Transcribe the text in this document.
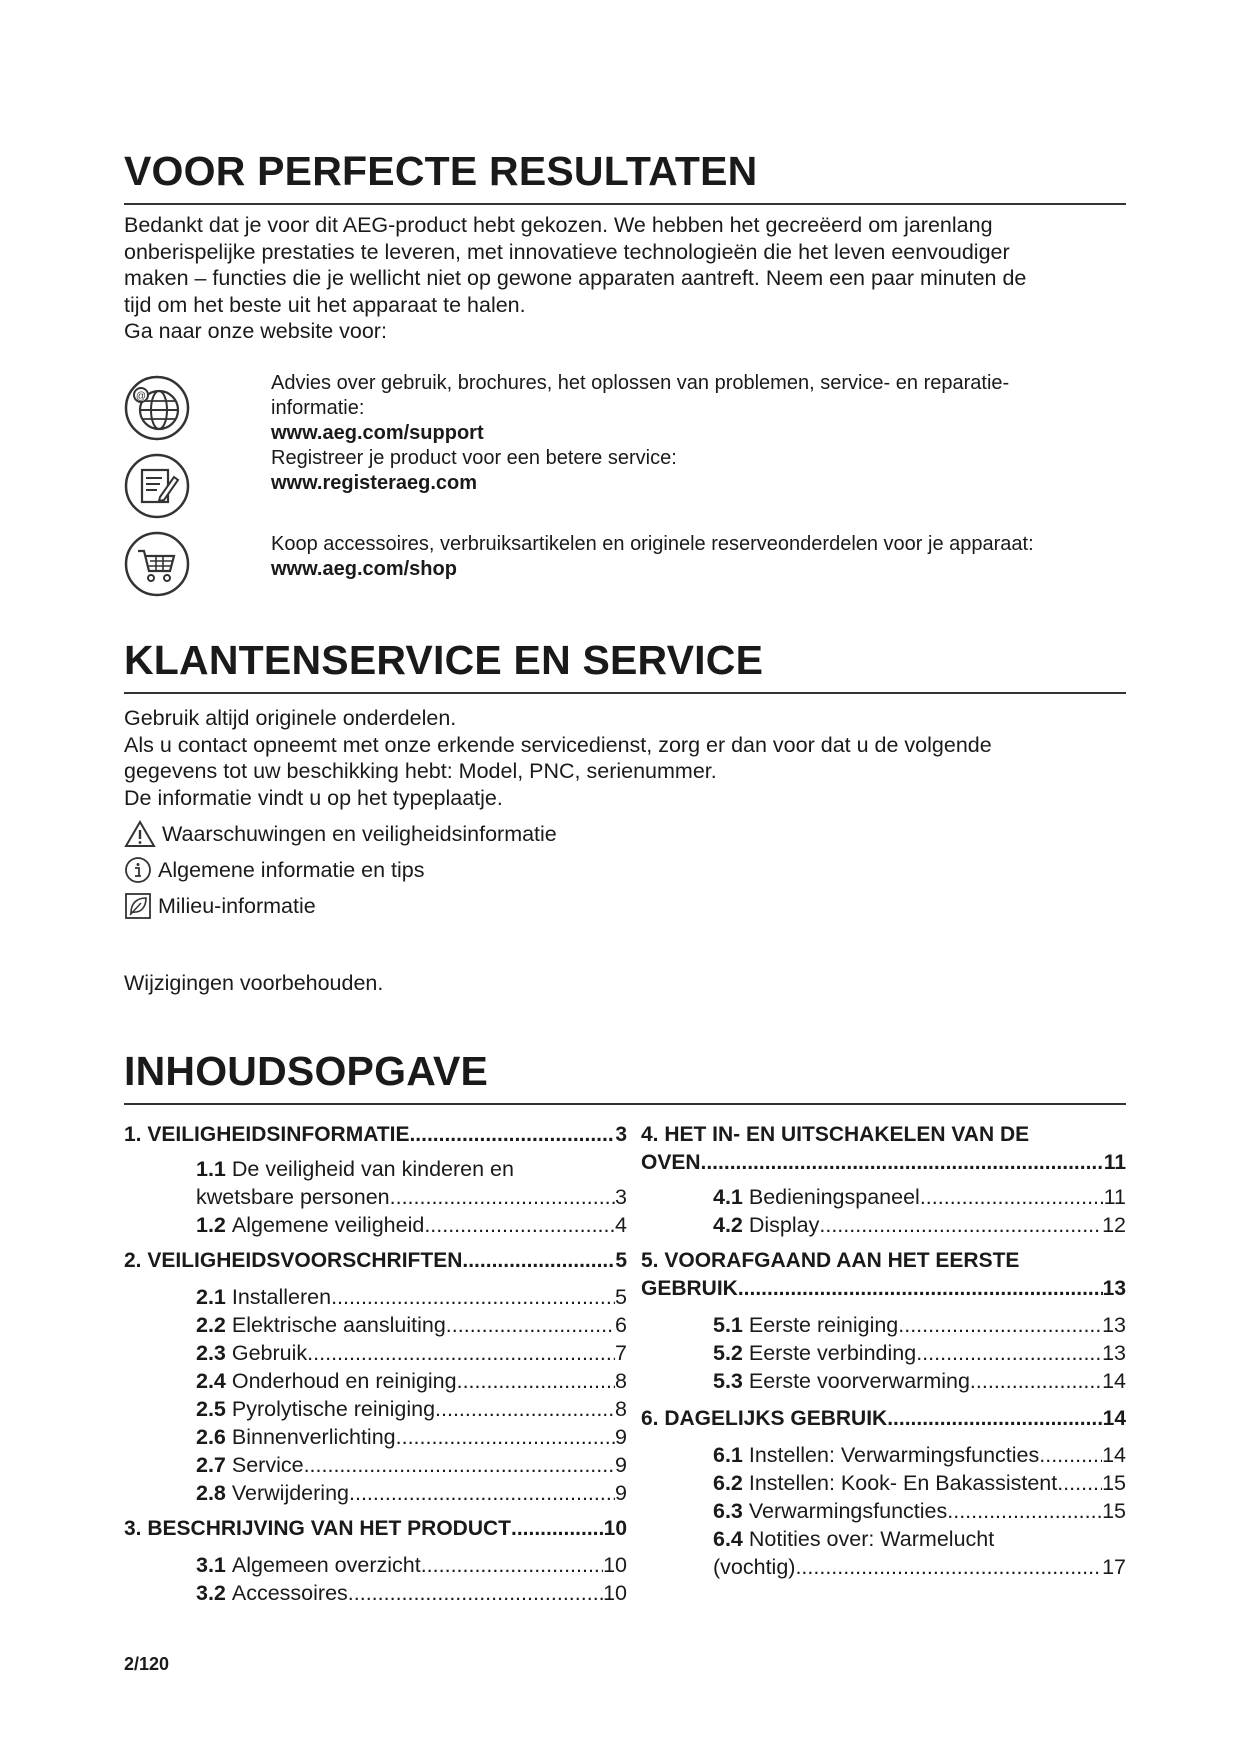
VOOR PERFECTE RESULTATEN

Bedankt dat je voor dit AEG-product hebt gekozen. We hebben het gecreëerd om jarenlang

onberispelijke prestaties te leveren, met innovatieve technologieën die het leven eenvoudiger

maken – functies die je wellicht niet op gewone apparaten aantreft. Neem een paar minuten de

tijd om het beste uit het apparaat te halen.

Ga naar onze website voor:

@
Advies over gebruik, brochures, het oplossen van problemen, service- en reparatie-
informatie:
www.aeg.com/support
Registreer je product voor een betere service:
www.registeraeg.com
Koop accessoires, verbruiksartikelen en originele reserveonderdelen voor je apparaat:
www.aeg.com/shop
KLANTENSERVICE EN SERVICE

Gebruik altijd originele onderdelen.

Als u contact opneemt met onze erkende servicedienst, zorg er dan voor dat u de volgende

gegevens tot uw beschikking hebt: Model, PNC, serienummer.

De informatie vindt u op het typeplaatje.

Waarschuwingen en veiligheidsinformatie
Algemene informatie en tips
Milieu-informatie

Wijzigingen voorbehouden.

INHOUDSOPGAVE
1. VEILIGHEIDSINFORMATIE .....	3
1.1 De veiligheid van kinderen en
kwetsbare personen .....	3
1.2 Algemene veiligheid .....	4
2. VEILIGHEIDSVOORSCHRIFTEN .....	5
2.1 Installeren .....	5
2.2 Elektrische aansluiting .....	6
2.3 Gebruik .....	7
2.4 Onderhoud en reiniging .....	8
2.5 Pyrolytische reiniging .....	8
2.6 Binnenverlichting .....	9
2.7 Service .....	9
2.8 Verwijdering .....	9
3. BESCHRIJVING VAN HET PRODUCT .....	10
3.1 Algemeen overzicht .....	10
3.2 Accessoires .....	10
4. HET IN- EN UITSCHAKELEN VAN DE
OVEN .....	11
4.1 Bedieningspaneel .....	11
4.2 Display .....	12
5. VOORAFGAAND AAN HET EERSTE
GEBRUIK .....	13
5.1 Eerste reiniging .....	13
5.2 Eerste verbinding .....	13
5.3 Eerste voorverwarming .....	14
6. DAGELIJKS GEBRUIK .....	14
6.1 Instellen: Verwarmingsfuncties .....	14
6.2 Instellen: Kook- En Bakassistent ..... 15
6.3 Verwarmingsfuncties .....	15
6.4 Notities over: Warmelucht
(vochtig) .....	17
2/120
